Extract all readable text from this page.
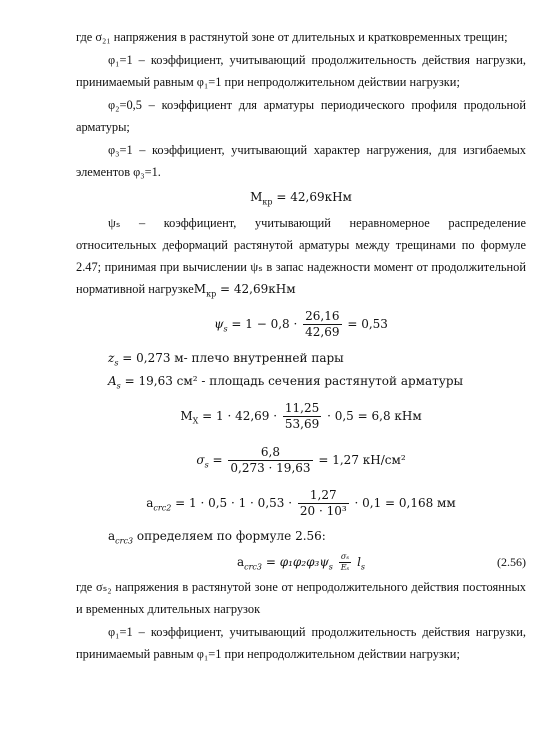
где σ₂₁ напряжения в растянутой зоне от длительных и кратковременных трещин;

φ₁=1 – коэффициент, учитывающий продолжительность действия нагрузки, принимаемый равным φ₁=1 при непродолжительном действии нагрузки;

φ₂=0,5 – коэффициент для арматуры периодического профиля продольной арматуры;

φ₃=1 – коэффициент, учитывающий характер нагружения, для изгибаемых элементов φ₃=1.

$M_{кр} = 42,69кНм$

ψₛ – коэффициент, учитывающий неравномерное распределение относительных деформаций растянутой арматуры между трещинами по формуле 2.47; принимая при вычислении ψₛ в запас надежности момент от продолжительной нормативной нагрузкеM$_{кр}$ = 42,69кНм

$\psi_s = 1 - 0,8 \cdot \frac{26,16}{42,69} = 0,53$

$z_s = 0,273$ м- плечо внутренней пары

$A_s = 19,63$ см² - площадь сечения растянутой арматуры

$M_X = 1 \cdot 42,69 \cdot \frac{11,25}{53,69} \cdot 0,5 = 6,8$ кНм
$\sigma_s = \frac{6,8}{0,273 \cdot 19,63} = 1,27$ кН/см²
$a_{crc2} = 1 \cdot 0,5 \cdot 1 \cdot 0,53 \cdot \frac{1,27}{\text{20 · 10³}} \cdot 0,1 = 0,168$ мм

$a_{crc3}$ определяем по формуле 2.56:

$a_{crc3} = \varphi_1\varphi_2\varphi_3\psi_s \frac{\text{σₛ}}{\text{Eₛ}} l_s$	(2.56)

где σₛ₂ напряжения в растянутой зоне от непродолжительного действия постоянных и временных длительных нагрузок

φ₁=1 – коэффициент, учитывающий продолжительность действия нагрузки, принимаемый равным φ₁=1 при непродолжительном действии нагрузки;
